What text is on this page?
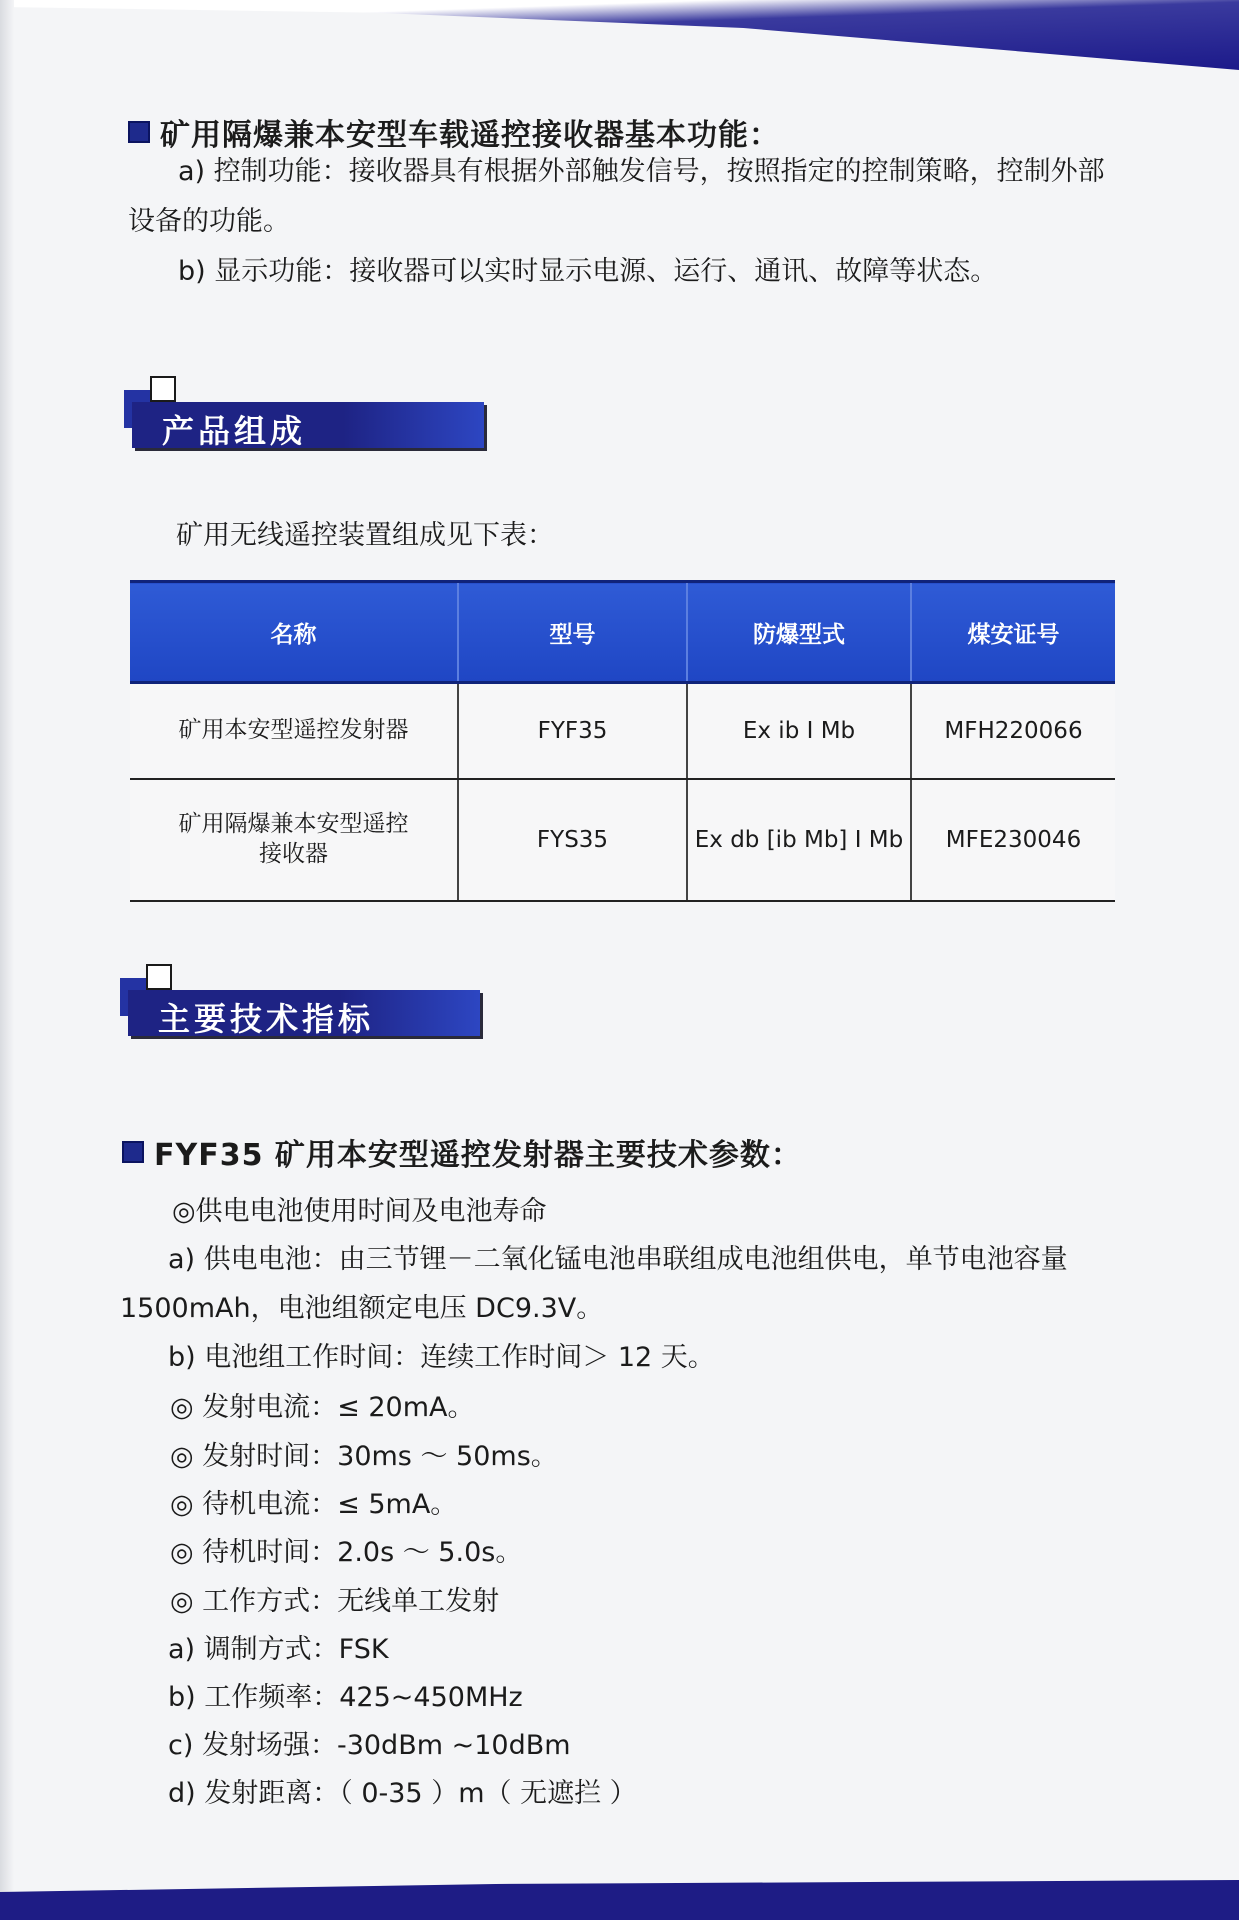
矿用隔爆兼本安型车载遥控接收器基本功能：
a) 控制功能：接收器具有根据外部触发信号，按照指定的控制策略，控制外部
设备的功能。
b) 显示功能：接收器可以实时显示电源、运行、通讯、故障等状态。
产品组成
矿用无线遥控装置组成见下表：
名称	型号	防爆型式	煤安证号
矿用本安型遥控发射器	FYF35	Ex ib I Mb	MFH220066

矿用隔爆兼本安型遥控
接收器	FYS35	Ex db [ib Mb] I Mb	MFE230046
主要技术指标
FYF35 矿用本安型遥控发射器主要技术参数：
◎供电电池使用时间及电池寿命
a) 供电电池：由三节锂－二氧化锰电池串联组成电池组供电，单节电池容量
1500mAh，电池组额定电压 DC9.3V。
b) 电池组工作时间：连续工作时间＞ 12 天。
◎ 发射电流：≤ 20mA。
◎ 发射时间：30ms ～ 50ms。
◎ 待机电流：≤ 5mA。
◎ 待机时间：2.0s ～ 5.0s。
◎ 工作方式：无线单工发射
a) 调制方式：FSK
b) 工作频率：425~450MHz
c) 发射场强：-30dBm ~10dBm
d) 发射距离：（ 0-35 ）m（ 无遮拦 ）
